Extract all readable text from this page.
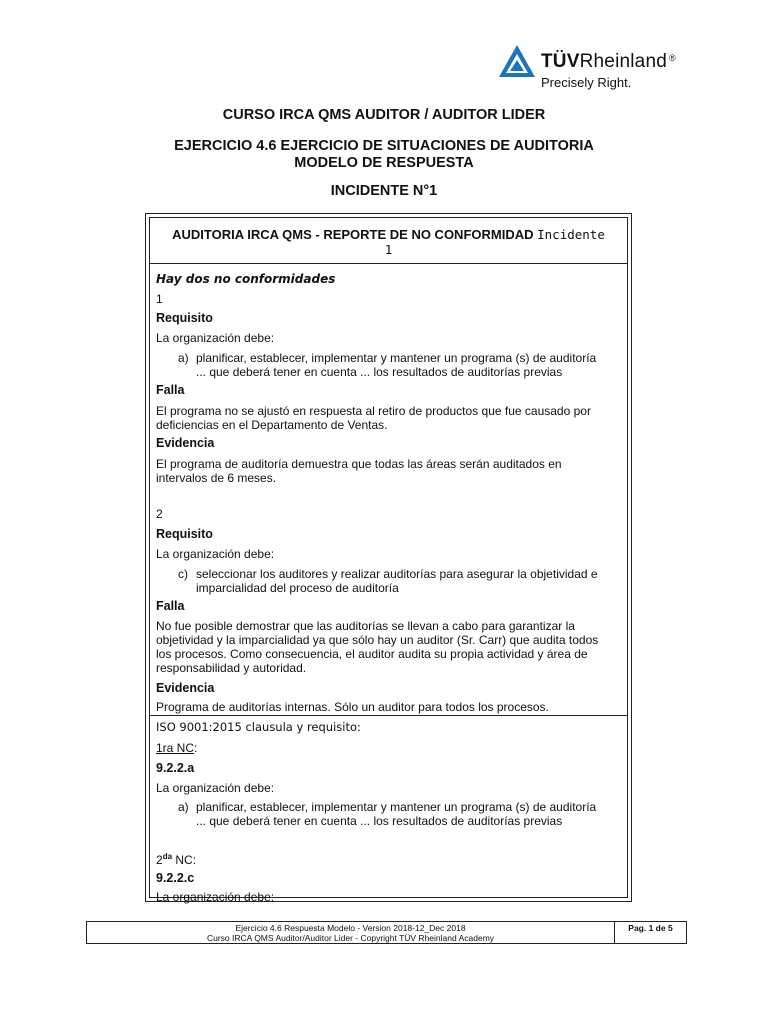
TÜVRheinland ®
Precisely Right.
CURSO IRCA QMS AUDITOR / AUDITOR LIDER
EJERCICIO 4.6 EJERCICIO DE SITUACIONES DE AUDITORIA
MODELO DE RESPUESTA
INCIDENTE N°1
AUDITORIA IRCA QMS - REPORTE DE NO CONFORMIDAD Incidente
1
Hay dos no conformidades
1
Requisito
La organización debe:
a) planificar, establecer, implementar y mantener un programa (s) de auditoría
... que deberá tener en cuenta ... los resultados de auditorías previas
Falla
El programa no se ajustó en respuesta al retiro de productos que fue causado por
deficiencias en el Departamento de Ventas.
Evidencia
El programa de auditoría demuestra que todas las áreas serán auditados en
intervalos de 6 meses.
2
Requisito
La organización debe:
c) seleccionar los auditores y realizar auditorías para asegurar la objetividad e
imparcialidad del proceso de auditoría
Falla
No fue posible demostrar que las auditorías se llevan a cabo para garantizar la
objetividad y la imparcialidad ya que sólo hay un auditor (Sr. Carr) que audita todos
los procesos. Como consecuencia, el auditor audita su propia actividad y área de
responsabilidad y autoridad.
Evidencia
Programa de auditorías internas. Sólo un auditor para todos los procesos.
ISO 9001:2015 clausula y requisito:
1ra NC:
9.2.2.a
La organización debe:
a) planificar, establecer, implementar y mantener un programa (s) de auditoría
... que deberá tener en cuenta ... los resultados de auditorías previas
$2^{da}$ NC:
9.2.2.c
La organización debe:
Ejercicio 4.6 Respuesta Modelo - Version 2018-12_Dec 2018
Curso IRCA QMS Auditor/Auditor Lider - Copyright TÜV Rheinland Academy
Pag. 1 de 5
